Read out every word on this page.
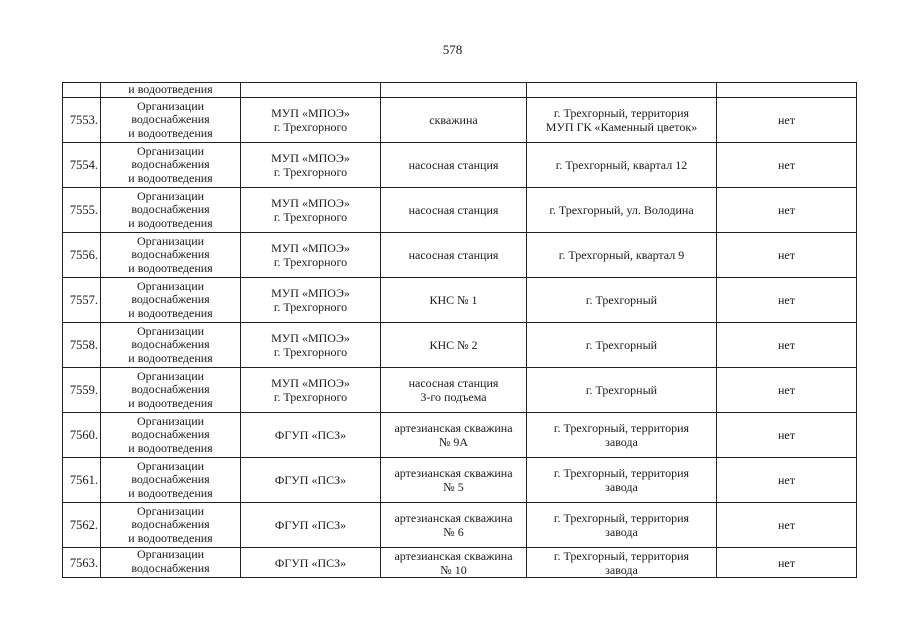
578
	и водоотведения				
7553.	Организации
водоснабжения
и водоотведения	МУП «МПОЭ»
г. Трехгорного	скважина	г. Трехгорный, территория
МУП ГК «Каменный цветок»	нет
7554.	Организации
водоснабжения
и водоотведения	МУП «МПОЭ»
г. Трехгорного	насосная станция	г. Трехгорный, квартал 12	нет
7555.	Организации
водоснабжения
и водоотведения	МУП «МПОЭ»
г. Трехгорного	насосная станция	г. Трехгорный, ул. Володина	нет
7556.	Организации
водоснабжения
и водоотведения	МУП «МПОЭ»
г. Трехгорного	насосная станция	г. Трехгорный, квартал 9	нет
7557.	Организации
водоснабжения
и водоотведения	МУП «МПОЭ»
г. Трехгорного	КНС № 1	г. Трехгорный	нет
7558.	Организации
водоснабжения
и водоотведения	МУП «МПОЭ»
г. Трехгорного	КНС № 2	г. Трехгорный	нет
7559.	Организации
водоснабжения
и водоотведения	МУП «МПОЭ»
г. Трехгорного	насосная станция
3-го подъема	г. Трехгорный	нет
7560.	Организации
водоснабжения
и водоотведения	ФГУП «ПСЗ»	артезианская скважина
№ 9А	г. Трехгорный, территория
завода	нет
7561.	Организации
водоснабжения
и водоотведения	ФГУП «ПСЗ»	артезианская скважина
№ 5	г. Трехгорный, территория
завода	нет
7562.	Организации
водоснабжения
и водоотведения	ФГУП «ПСЗ»	артезианская скважина
№ 6	г. Трехгорный, территория
завода	нет
7563.	Организации
водоснабжения	ФГУП «ПСЗ»	артезианская скважина
№ 10	г. Трехгорный, территория
завода	нет
